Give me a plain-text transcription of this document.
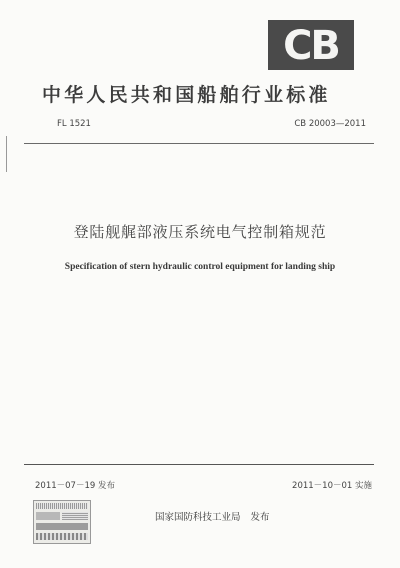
CB
中华人民共和国船舶行业标准
FL 1521	CB 20003—2011
登陆舰艉部液压系统电气控制箱规范
Specification of stern hydraulic control equipment for landing ship
2011－07－19 发布	2011－10－01 实施
国家国防科技工业局 发布
